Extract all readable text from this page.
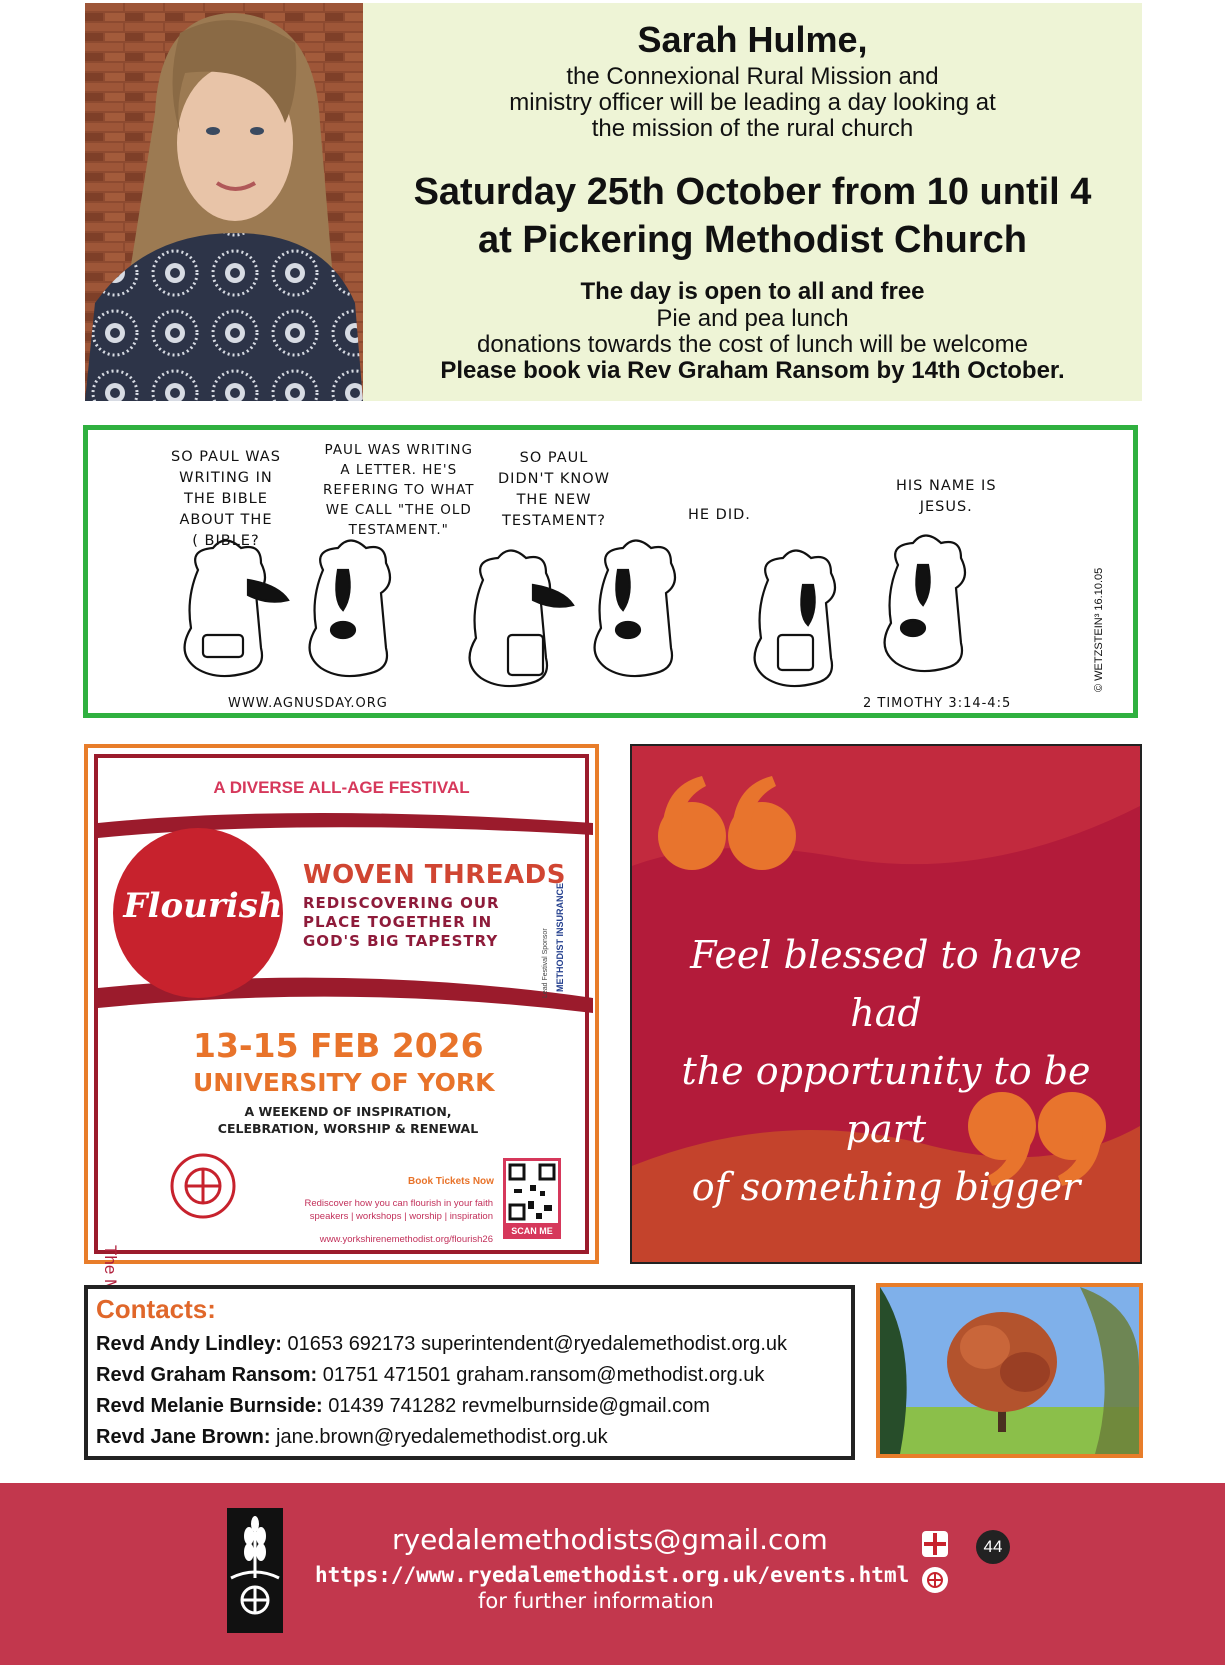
Sarah Hulme,
the Connexional Rural Mission and
ministry officer will be leading a day looking at
the mission of the rural church
Saturday 25th October from 10 until 4
at Pickering Methodist Church
The day is open to all and free
Pie and pea lunch
donations towards the cost of lunch will be welcome
Please book via Rev Graham Ransom by 14th October.
SO PAUL WAS
WRITING IN
THE BIBLE
ABOUT THE
( BIBLE?
PAUL WAS WRITING
A LETTER. HE'S
REFERING TO WHAT
WE CALL "THE OLD
TESTAMENT."
SO PAUL
DIDN'T KNOW
THE NEW
TESTAMENT?	HE DID.
HIS NAME IS
JESUS.
WWW.AGNUSDAY.ORG	2 TIMOTHY 3:14-4:5
© WETZSTEIN³ 16.10.05
A DIVERSE ALL-AGE FESTIVAL
Flourish
WOVEN THREADS
REDISCOVERING OUR PLACE TOGETHER IN GOD'S BIG TAPESTRY
13-15 FEB 2026
UNIVERSITY OF YORK
A WEEKEND OF INSPIRATION, CELEBRATION, WORSHIP & RENEWAL
Lead Festival Sponsor METHODIST INSURANCE
Book Tickets Now
Rediscover how you can flourish in your faith speakers | workshops | worship | inspiration
www.yorkshirenemethodist.org/flourish26
SCAN ME
Feel blessed to have had
the opportunity to be part
of something bigger
Contacts:
Revd Andy Lindley: 01653 692173 superintendent@ryedalemethodist.org.uk
Revd Graham Ransom: 01751 471501 graham.ransom@methodist.org.uk
Revd Melanie Burnside: 01439 741282 revmelburnside@gmail.com
Revd Jane Brown: jane.brown@ryedalemethodist.org.uk
ryedalemethodists@gmail.com
https://www.ryedalemethodist.org.uk/events.html
for further information
44
